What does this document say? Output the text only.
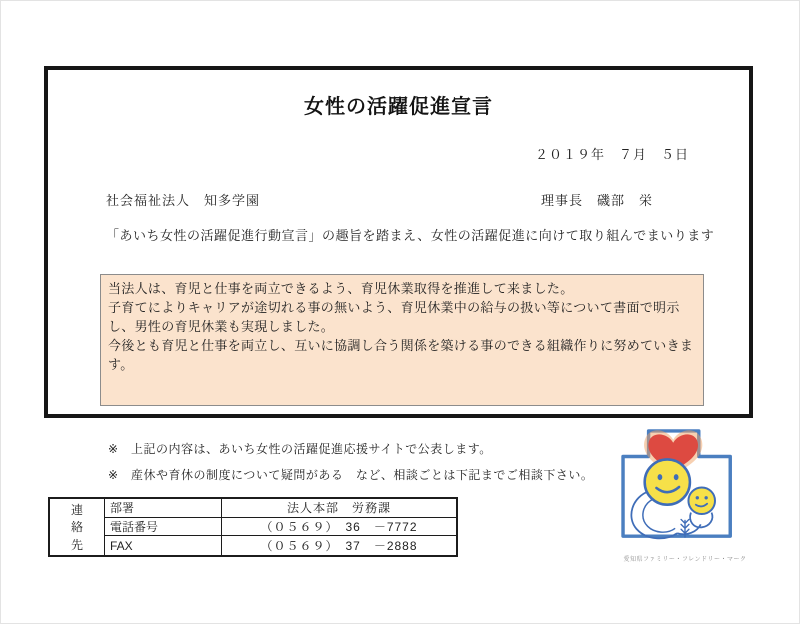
女性の活躍促進宣言
２０１９年　７月　５日
社会福祉法人　知多学園	理事長　磯部　栄
「あいち女性の活躍促進行動宣言」の趣旨を踏まえ、女性の活躍促進に向けて取り組んでまいります

当法人は、育児と仕事を両立できるよう、育児休業取得を推進して来ました。

子育てによりキャリアが途切れる事の無いよう、育児休業中の給与の扱い等について書面で明示し、男性の育児休業も実現しました。

今後とも育児と仕事を両立し、互いに協調し合う関係を築ける事のできる組織作りに努めていきます。

※　上記の内容は、あいち女性の活躍促進応援サイトで公表します。

※　産休や育休の制度について疑問がある　など、相談ごとは下記までご相談下さい。

連
絡
先
部署	法人本部　労務課
電話番号	（０５６９）　36　－7772
FAX	（０５６９）　37　－2888
愛知県ファミリー・フレンドリー・マーク
